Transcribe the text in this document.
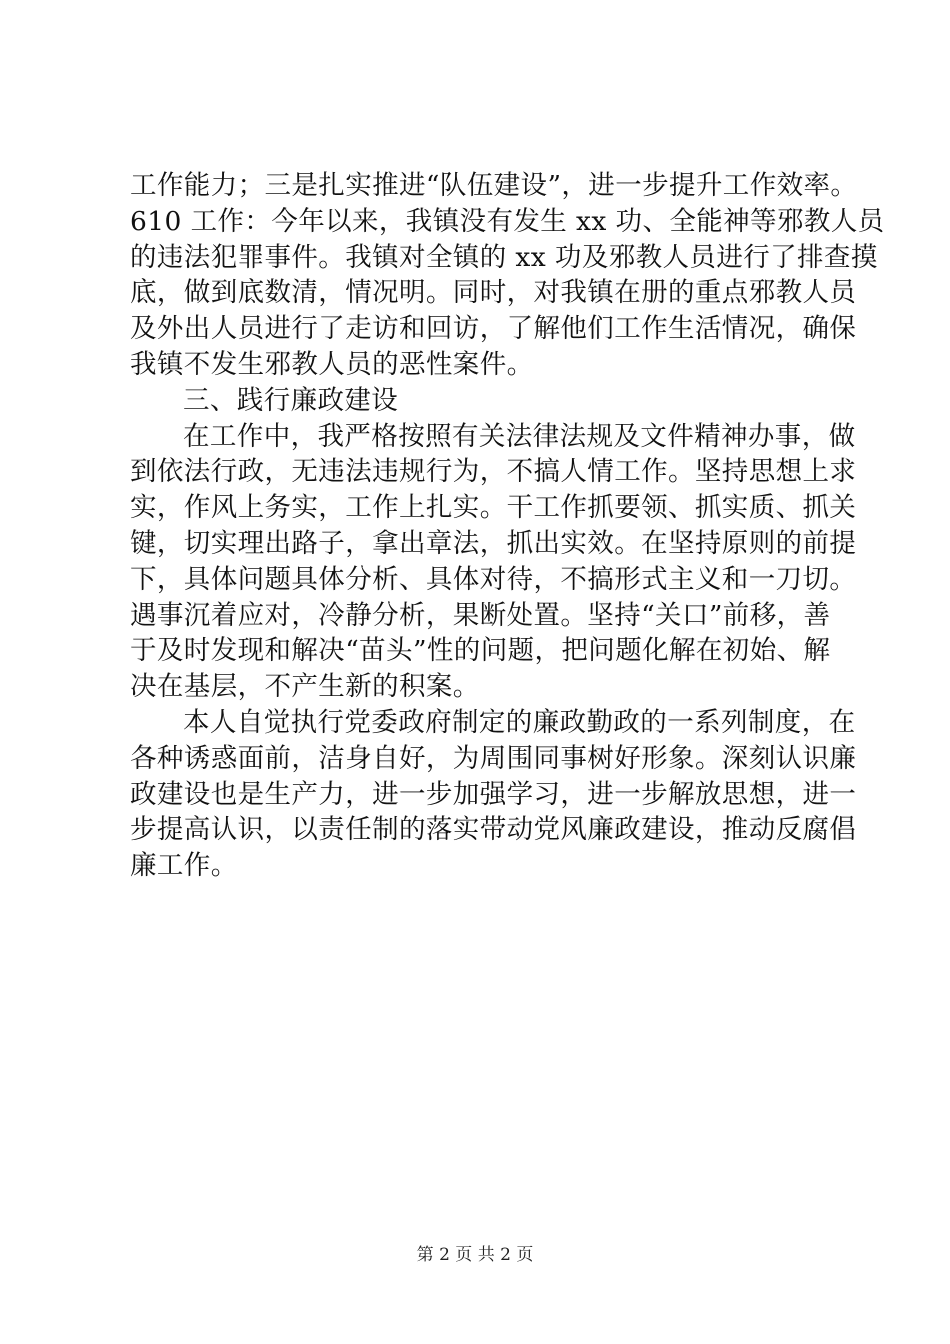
工作能力；三是扎实推进“队伍建设”，进一步提升工作效率。
610 工作：今年以来，我镇没有发生 xx 功、全能神等邪教人员
的违法犯罪事件。我镇对全镇的 xx 功及邪教人员进行了排查摸
底，做到底数清，情况明。同时，对我镇在册的重点邪教人员
及外出人员进行了走访和回访，了解他们工作生活情况，确保
我镇不发生邪教人员的恶性案件。
三、践行廉政建设
在工作中，我严格按照有关法律法规及文件精神办事，做
到依法行政，无违法违规行为，不搞人情工作。坚持思想上求
实，作风上务实，工作上扎实。干工作抓要领、抓实质、抓关
键，切实理出路子，拿出章法，抓出实效。在坚持原则的前提
下，具体问题具体分析、具体对待，不搞形式主义和一刀切。
遇事沉着应对，冷静分析，果断处置。坚持“关口”前移，善
于及时发现和解决“苗头”性的问题，把问题化解在初始、解
决在基层，不产生新的积案。
本人自觉执行党委政府制定的廉政勤政的一系列制度，在
各种诱惑面前，洁身自好，为周围同事树好形象。深刻认识廉
政建设也是生产力，进一步加强学习，进一步解放思想，进一
步提高认识，以责任制的落实带动党风廉政建设，推动反腐倡
廉工作。
第 2 页 共 2 页
